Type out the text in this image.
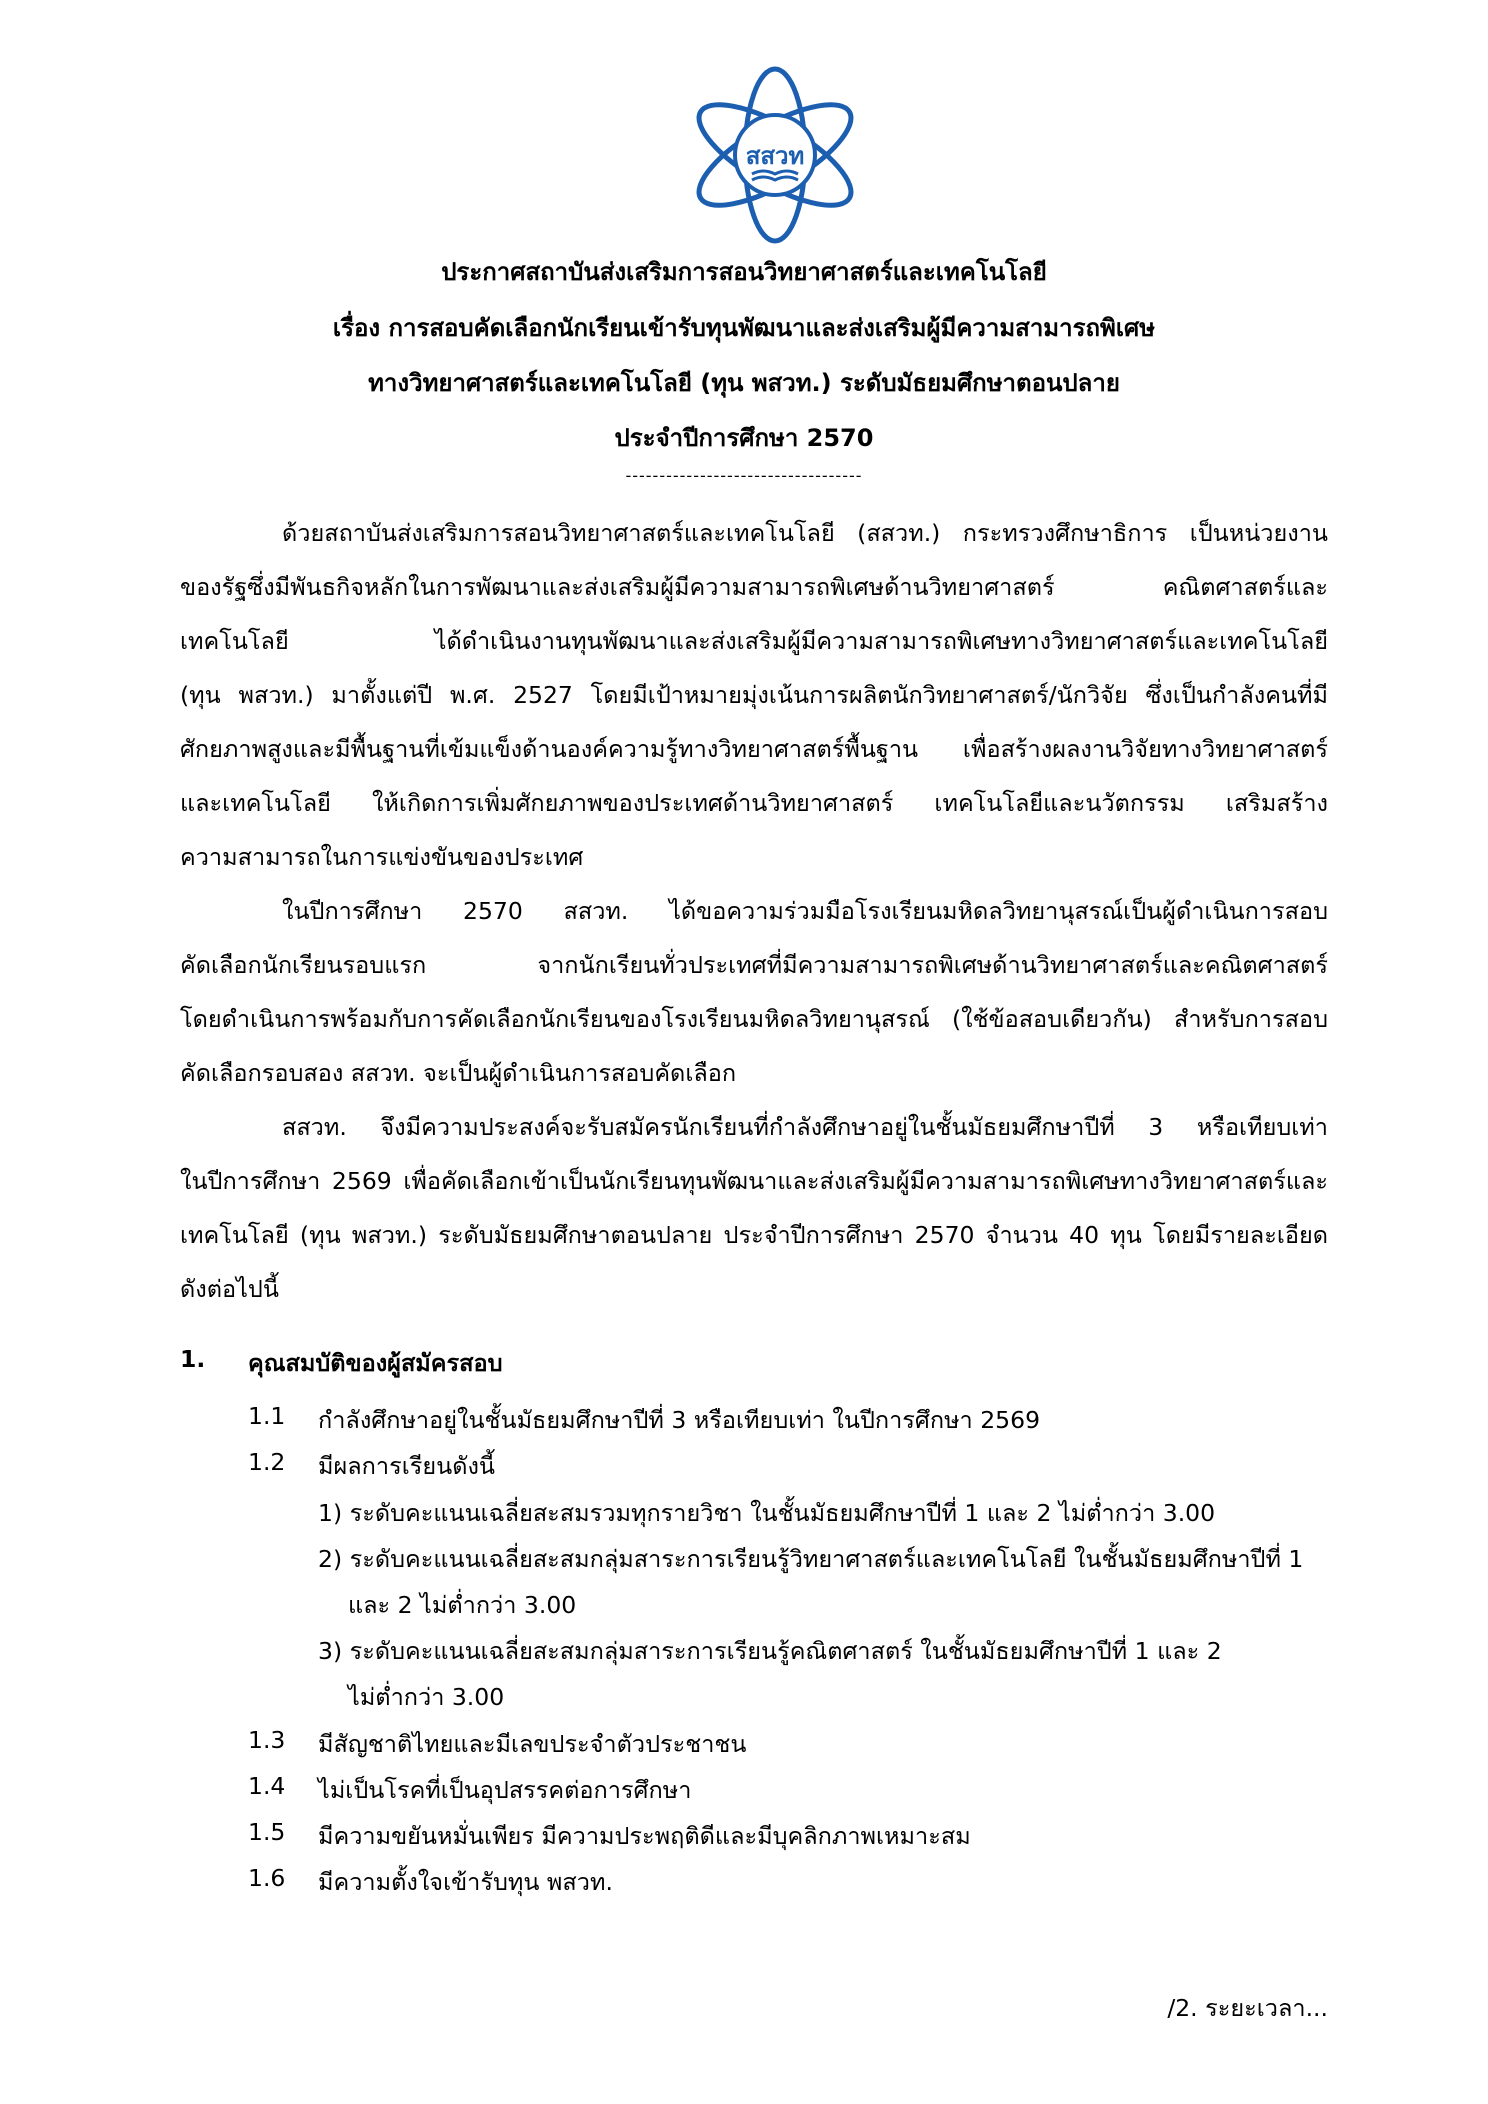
สสวท
ประกาศสถาบันส่งเสริมการสอนวิทยาศาสตร์และเทคโนโลยี
เรื่อง การสอบคัดเลือกนักเรียนเข้ารับทุนพัฒนาและส่งเสริมผู้มีความสามารถพิเศษ
ทางวิทยาศาสตร์และเทคโนโลยี (ทุน พสวท.) ระดับมัธยมศึกษาตอนปลาย
ประจำปีการศึกษา 2570
-----------------------------------
ด้วยสถาบันส่งเสริมการสอนวิทยาศาสตร์และเทคโนโลยี (สสวท.) กระทรวงศึกษาธิการ เป็นหน่วยงาน
ของรัฐซึ่งมีพันธกิจหลักในการพัฒนาและส่งเสริมผู้มีความสามารถพิเศษด้านวิทยาศาสตร์ คณิตศาสตร์และ
เทคโนโลยี ได้ดำเนินงานทุนพัฒนาและส่งเสริมผู้มีความสามารถพิเศษทางวิทยาศาสตร์และเทคโนโลยี
(ทุน พสวท.) มาตั้งแต่ปี พ.ศ. 2527 โดยมีเป้าหมายมุ่งเน้นการผลิตนักวิทยาศาสตร์/นักวิจัย ซึ่งเป็นกำลังคนที่มี
ศักยภาพสูงและมีพื้นฐานที่เข้มแข็งด้านองค์ความรู้ทางวิทยาศาสตร์พื้นฐาน เพื่อสร้างผลงานวิจัยทางวิทยาศาสตร์
และเทคโนโลยี ให้เกิดการเพิ่มศักยภาพของประเทศด้านวิทยาศาสตร์ เทคโนโลยีและนวัตกรรม เสริมสร้าง
ความสามารถในการแข่งขันของประเทศ
ในปีการศึกษา 2570 สสวท. ได้ขอความร่วมมือโรงเรียนมหิดลวิทยานุสรณ์เป็นผู้ดำเนินการสอบ
คัดเลือกนักเรียนรอบแรก จากนักเรียนทั่วประเทศที่มีความสามารถพิเศษด้านวิทยาศาสตร์และคณิตศาสตร์
โดยดำเนินการพร้อมกับการคัดเลือกนักเรียนของโรงเรียนมหิดลวิทยานุสรณ์ (ใช้ข้อสอบเดียวกัน) สำหรับการสอบ
คัดเลือกรอบสอง สสวท. จะเป็นผู้ดำเนินการสอบคัดเลือก
สสวท. จึงมีความประสงค์จะรับสมัครนักเรียนที่กำลังศึกษาอยู่ในชั้นมัธยมศึกษาปีที่ 3 หรือเทียบเท่า
ในปีการศึกษา 2569 เพื่อคัดเลือกเข้าเป็นนักเรียนทุนพัฒนาและส่งเสริมผู้มีความสามารถพิเศษทางวิทยาศาสตร์และ
เทคโนโลยี (ทุน พสวท.) ระดับมัธยมศึกษาตอนปลาย ประจำปีการศึกษา 2570 จำนวน 40 ทุน โดยมีรายละเอียด
ดังต่อไปนี้
1. คุณสมบัติของผู้สมัครสอบ
1.1 กำลังศึกษาอยู่ในชั้นมัธยมศึกษาปีที่ 3 หรือเทียบเท่า ในปีการศึกษา 2569
1.2 มีผลการเรียนดังนี้
1) ระดับคะแนนเฉลี่ยสะสมรวมทุกรายวิชา ในชั้นมัธยมศึกษาปีที่ 1 และ 2 ไม่ต่ำกว่า 3.00
2) ระดับคะแนนเฉลี่ยสะสมกลุ่มสาระการเรียนรู้วิทยาศาสตร์และเทคโนโลยี ในชั้นมัธยมศึกษาปีที่ 1
และ 2 ไม่ต่ำกว่า 3.00
3) ระดับคะแนนเฉลี่ยสะสมกลุ่มสาระการเรียนรู้คณิตศาสตร์ ในชั้นมัธยมศึกษาปีที่ 1 และ 2
ไม่ต่ำกว่า 3.00
1.3 มีสัญชาติไทยและมีเลขประจำตัวประชาชน
1.4 ไม่เป็นโรคที่เป็นอุปสรรคต่อการศึกษา
1.5 มีความขยันหมั่นเพียร มีความประพฤติดีและมีบุคลิกภาพเหมาะสม
1.6 มีความตั้งใจเข้ารับทุน พสวท.
/2. ระยะเวลา...
